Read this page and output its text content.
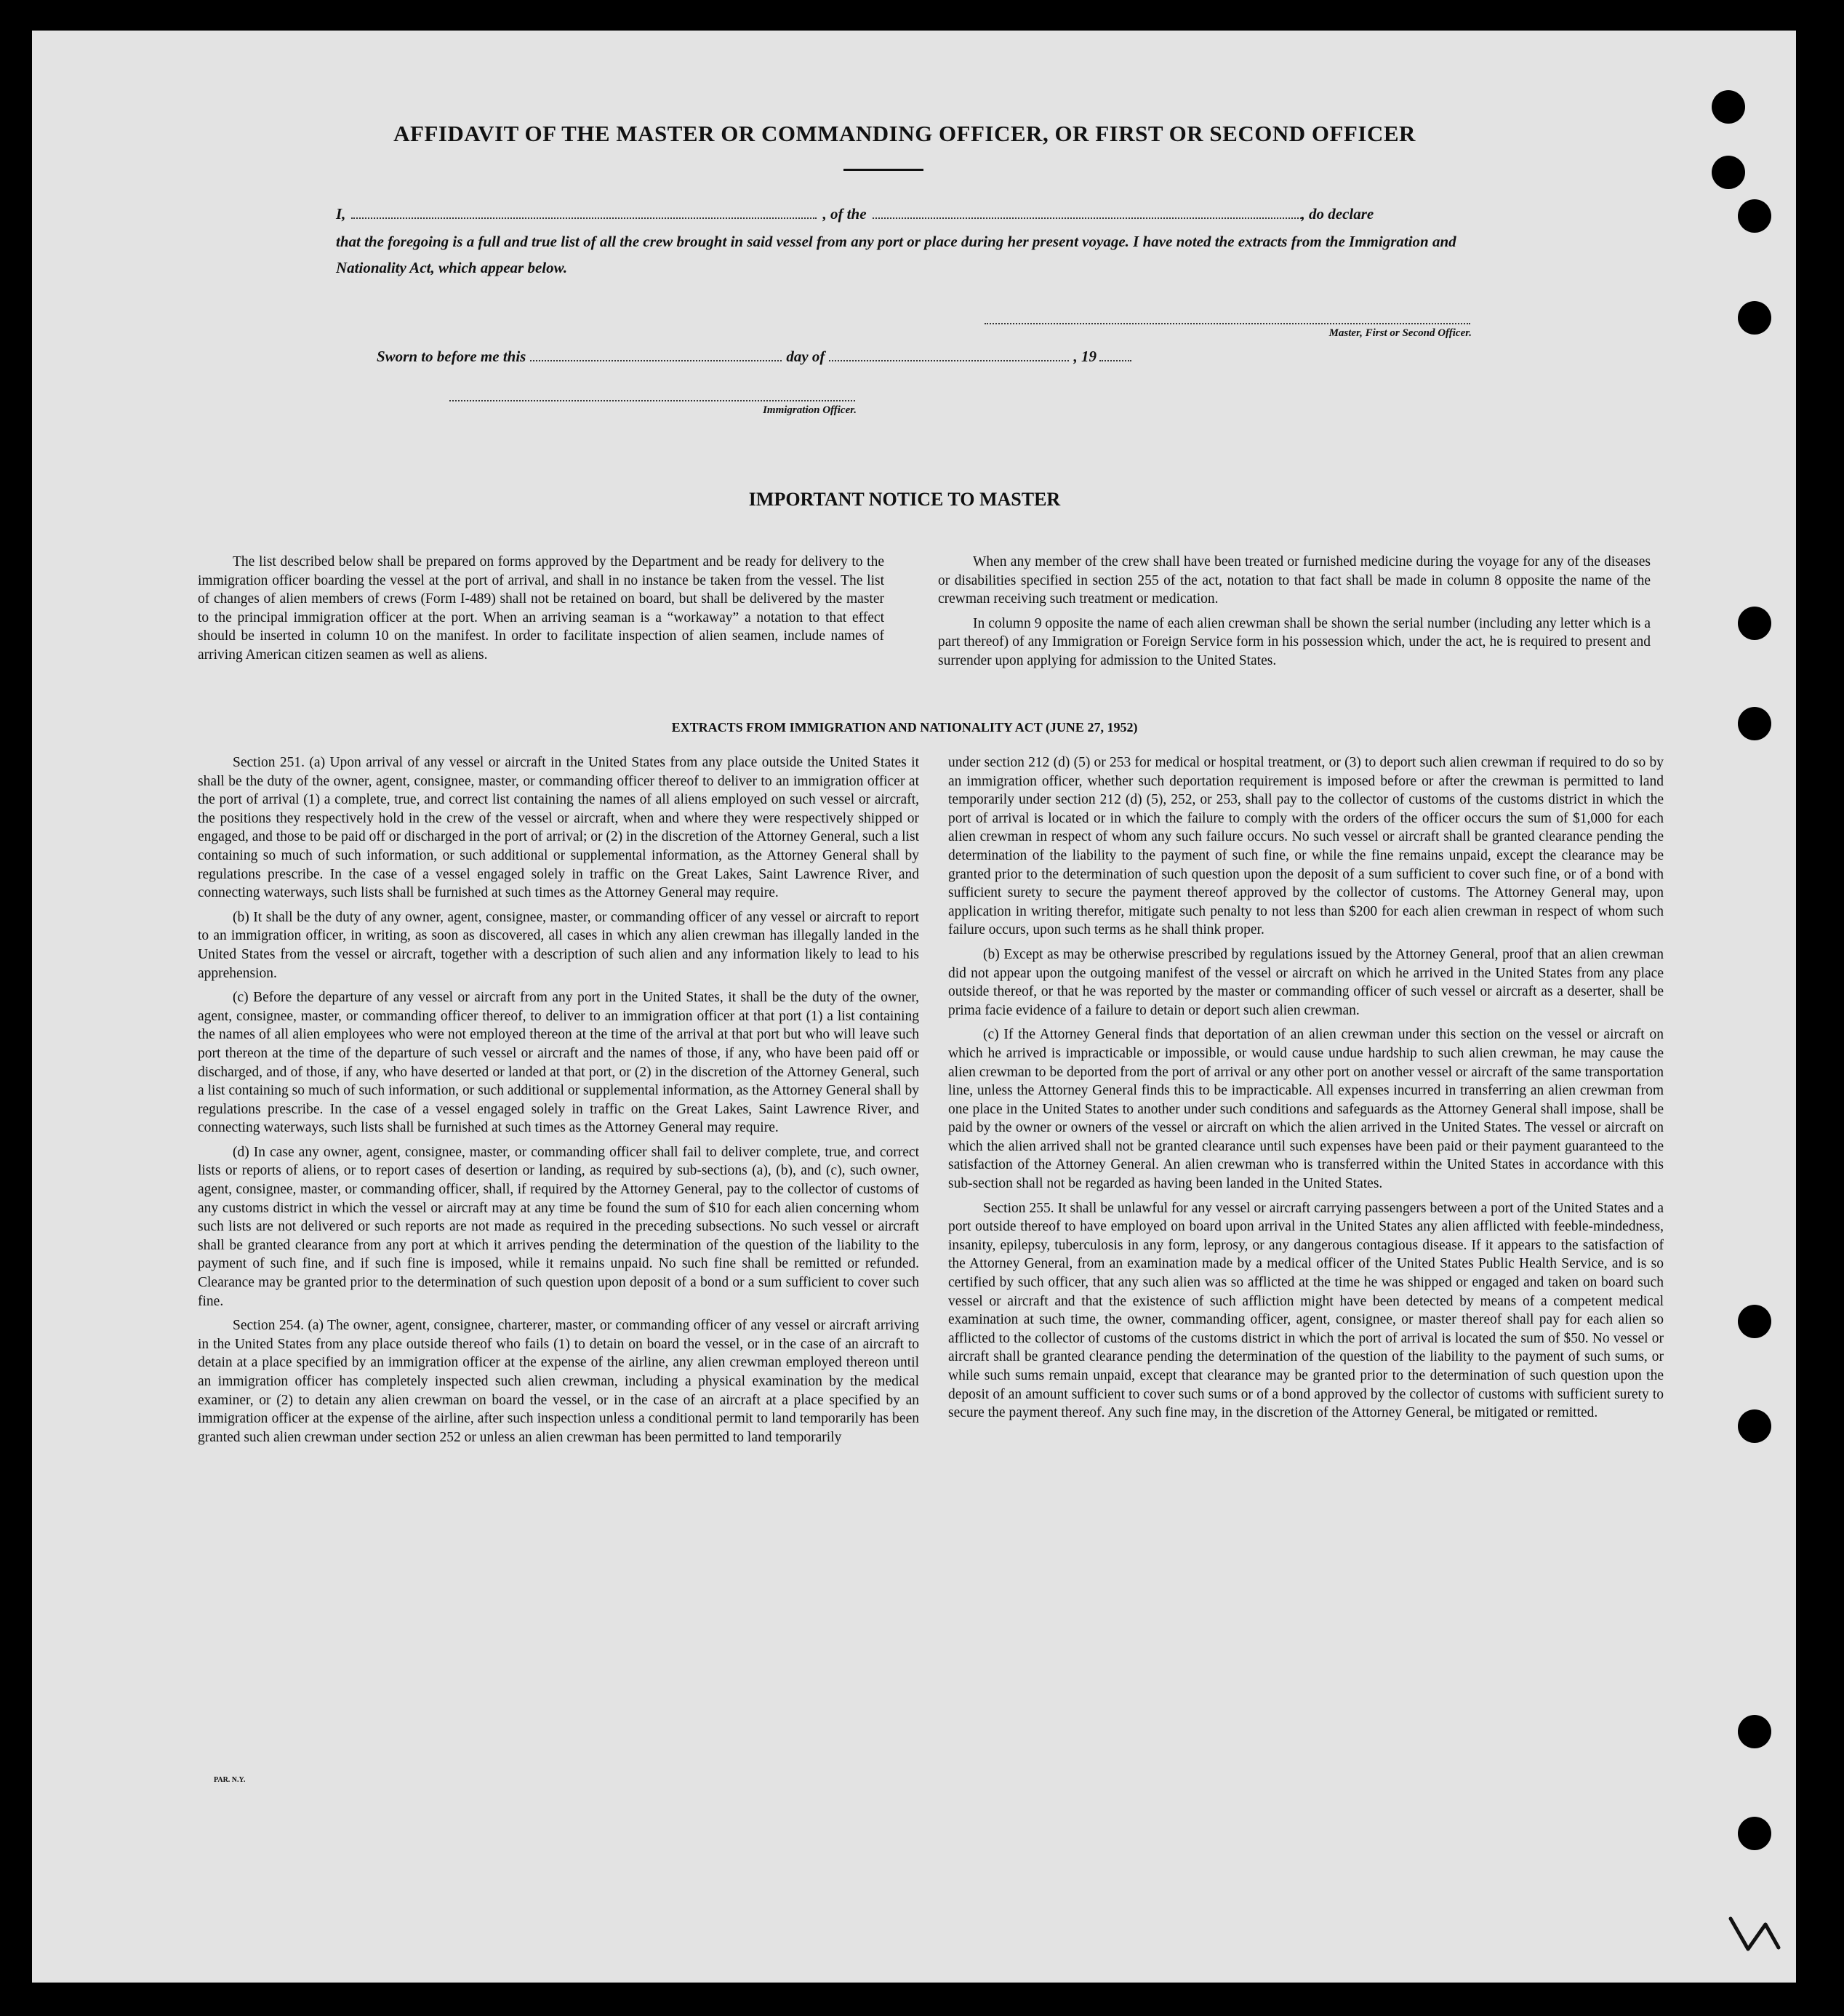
AFFIDAVIT OF THE MASTER OR COMMANDING OFFICER, OR FIRST OR SECOND OFFICER
I,	, of the	, do declare
that the foregoing is a full and true list of all the crew brought in said vessel from any port or place during her present voyage. I have noted the extracts from the Immigration and Nationality Act, which appear below.
Master, First or Second Officer.
Sworn to before me this	day of	, 19
Immigration Officer.
IMPORTANT NOTICE TO MASTER

The list described below shall be prepared on forms approved by the Department and be ready for delivery to the immigration officer boarding the vessel at the port of arrival, and shall in no instance be taken from the vessel. The list of changes of alien members of crews (Form I-489) shall not be retained on board, but shall be delivered by the master to the principal immigration officer at the port. When an arriving seaman is a “workaway” a notation to that effect should be inserted in column 10 on the manifest. In order to facilitate inspection of alien seamen, include names of arriving American citizen seamen as well as aliens.

When any member of the crew shall have been treated or furnished medicine during the voyage for any of the diseases or disabilities specified in section 255 of the act, notation to that fact shall be made in column 8 opposite the name of the crewman receiving such treatment or medication.

In column 9 opposite the name of each alien crewman shall be shown the serial number (including any letter which is a part thereof) of any Immigration or Foreign Service form in his possession which, under the act, he is required to present and surrender upon applying for admission to the United States.

EXTRACTS FROM IMMIGRATION AND NATIONALITY ACT (JUNE 27, 1952)

Section 251. (a) Upon arrival of any vessel or aircraft in the United States from any place outside the United States it shall be the duty of the owner, agent, consignee, master, or commanding officer thereof to deliver to an immigration officer at the port of arrival (1) a complete, true, and correct list containing the names of all aliens employed on such vessel or aircraft, the positions they respectively hold in the crew of the vessel or aircraft, when and where they were respectively shipped or engaged, and those to be paid off or discharged in the port of arrival; or (2) in the discretion of the Attorney General, such a list containing so much of such information, or such additional or supplemental information, as the Attorney General shall by regulations prescribe. In the case of a vessel engaged solely in traffic on the Great Lakes, Saint Lawrence River, and connecting waterways, such lists shall be furnished at such times as the Attorney General may require.

(b) It shall be the duty of any owner, agent, consignee, master, or commanding officer of any vessel or aircraft to report to an immigration officer, in writing, as soon as discovered, all cases in which any alien crewman has illegally landed in the United States from the vessel or aircraft, together with a description of such alien and any information likely to lead to his apprehension.

(c) Before the departure of any vessel or aircraft from any port in the United States, it shall be the duty of the owner, agent, consignee, master, or commanding officer thereof, to deliver to an immigration officer at that port (1) a list containing the names of all alien employees who were not employed thereon at the time of the arrival at that port but who will leave such port thereon at the time of the departure of such vessel or aircraft and the names of those, if any, who have been paid off or discharged, and of those, if any, who have deserted or landed at that port, or (2) in the discretion of the Attorney General, such a list containing so much of such information, or such additional or supplemental information, as the Attorney General shall by regulations prescribe. In the case of a vessel engaged solely in traffic on the Great Lakes, Saint Lawrence River, and connecting waterways, such lists shall be furnished at such times as the Attorney General may require.

(d) In case any owner, agent, consignee, master, or commanding officer shall fail to deliver complete, true, and correct lists or reports of aliens, or to report cases of desertion or landing, as required by sub-sections (a), (b), and (c), such owner, agent, consignee, master, or commanding officer, shall, if required by the Attorney General, pay to the collector of customs of any customs district in which the vessel or aircraft may at any time be found the sum of $10 for each alien concerning whom such lists are not delivered or such reports are not made as required in the preceding subsections. No such vessel or aircraft shall be granted clearance from any port at which it arrives pending the determination of the question of the liability to the payment of such fine, and if such fine is imposed, while it remains unpaid. No such fine shall be remitted or refunded. Clearance may be granted prior to the determination of such question upon deposit of a bond or a sum sufficient to cover such fine.

Section 254. (a) The owner, agent, consignee, charterer, master, or commanding officer of any vessel or aircraft arriving in the United States from any place outside thereof who fails (1) to detain on board the vessel, or in the case of an aircraft to detain at a place specified by an immigration officer at the expense of the airline, any alien crewman employed thereon until an immigration officer has completely inspected such alien crewman, including a physical examination by the medical examiner, or (2) to detain any alien crewman on board the vessel, or in the case of an aircraft at a place specified by an immigration officer at the expense of the airline, after such inspection unless a conditional permit to land temporarily has been granted such alien crewman under section 252 or unless an alien crewman has been permitted to land temporarily

under section 212 (d) (5) or 253 for medical or hospital treatment, or (3) to deport such alien crewman if required to do so by an immigration officer, whether such deportation requirement is imposed before or after the crewman is permitted to land temporarily under section 212 (d) (5), 252, or 253, shall pay to the collector of customs of the customs district in which the port of arrival is located or in which the failure to comply with the orders of the officer occurs the sum of $1,000 for each alien crewman in respect of whom any such failure occurs. No such vessel or aircraft shall be granted clearance pending the determination of the liability to the payment of such fine, or while the fine remains unpaid, except the clearance may be granted prior to the determination of such question upon the deposit of a sum sufficient to cover such fine, or of a bond with sufficient surety to secure the payment thereof approved by the collector of customs. The Attorney General may, upon application in writing therefor, mitigate such penalty to not less than $200 for each alien crewman in respect of whom such failure occurs, upon such terms as he shall think proper.

(b) Except as may be otherwise prescribed by regulations issued by the Attorney General, proof that an alien crewman did not appear upon the outgoing manifest of the vessel or aircraft on which he arrived in the United States from any place outside thereof, or that he was reported by the master or commanding officer of such vessel or aircraft as a deserter, shall be prima facie evidence of a failure to detain or deport such alien crewman.

(c) If the Attorney General finds that deportation of an alien crewman under this section on the vessel or aircraft on which he arrived is impracticable or impossible, or would cause undue hardship to such alien crewman, he may cause the alien crewman to be deported from the port of arrival or any other port on another vessel or aircraft of the same transportation line, unless the Attorney General finds this to be impracticable. All expenses incurred in transferring an alien crewman from one place in the United States to another under such conditions and safeguards as the Attorney General shall impose, shall be paid by the owner or owners of the vessel or aircraft on which the alien arrived in the United States. The vessel or aircraft on which the alien arrived shall not be granted clearance until such expenses have been paid or their payment guaranteed to the satisfaction of the Attorney General. An alien crewman who is transferred within the United States in accordance with this sub-section shall not be regarded as having been landed in the United States.

Section 255. It shall be unlawful for any vessel or aircraft carrying passengers between a port of the United States and a port outside thereof to have employed on board upon arrival in the United States any alien afflicted with feeble-mindedness, insanity, epilepsy, tuberculosis in any form, leprosy, or any dangerous contagious disease. If it appears to the satisfaction of the Attorney General, from an examination made by a medical officer of the United States Public Health Service, and is so certified by such officer, that any such alien was so afflicted at the time he was shipped or engaged and taken on board such vessel or aircraft and that the existence of such affliction might have been detected by means of a competent medical examination at such time, the owner, commanding officer, agent, consignee, or master thereof shall pay for each alien so afflicted to the collector of customs of the customs district in which the port of arrival is located the sum of $50. No vessel or aircraft shall be granted clearance pending the determination of the question of the liability to the payment of such sums, or while such sums remain unpaid, except that clearance may be granted prior to the determination of such question upon the deposit of an amount sufficient to cover such sums or of a bond approved by the collector of customs with sufficient surety to secure the payment thereof. Any such fine may, in the discretion of the Attorney General, be mitigated or remitted.

PAR. N.Y.
